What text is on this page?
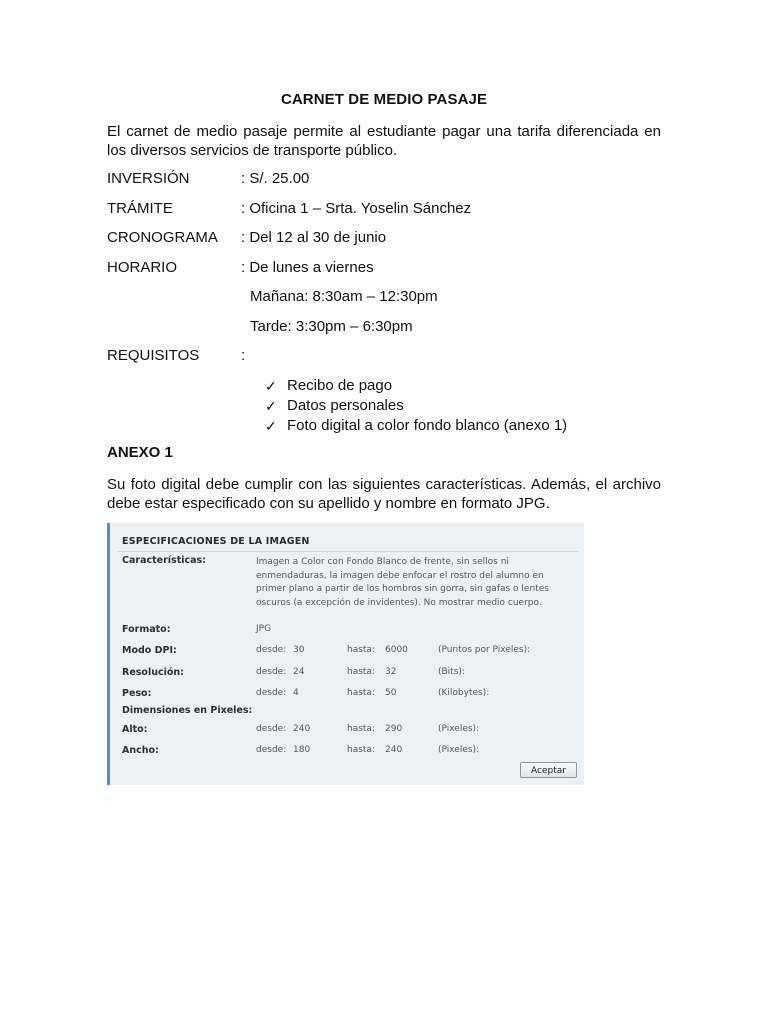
CARNET DE MEDIO PASAJE
El carnet de medio pasaje permite al estudiante pagar una tarifa diferenciada en los diversos servicios de transporte público.
INVERSIÓN	: S/. 25.00
TRÁMITE	: Oficina 1 – Srta. Yoselin Sánchez
CRONOGRAMA : Del 12 al 30 de junio
HORARIO	: De lunes a viernes
Mañana: 8:30am – 12:30pm
Tarde: 3:30pm – 6:30pm
REQUISITOS	:
✓ Recibo de pago
✓ Datos personales
✓ Foto digital a color fondo blanco (anexo 1)
ANEXO 1
Su foto digital debe cumplir con las siguientes características. Además, el archivo debe estar especificado con su apellido y nombre en formato JPG.
ESPECIFICACIONES DE LA IMAGEN
Características:	Imagen a Color con Fondo Blanco de frente, sin sellos ni enmendaduras, la imagen debe enfocar el rostro del alumno en primer plano a partir de los hombros sin gorra, sin gafas o lentes oscuros (a excepción de invidentes). No mostrar medio cuerpo.
Formato:	JPG
Modo DPI:	desde: 30	hasta: 6000	(Puntos por Pixeles):
Resolución:	desde: 24	hasta: 32	(Bits):
Peso:	desde: 4	hasta: 50	(Kilobytes):
Dimensiones en Pixeles:
Alto:	desde: 240	hasta: 290	(Pixeles):
Ancho:	desde: 180	hasta: 240	(Pixeles):
Aceptar
